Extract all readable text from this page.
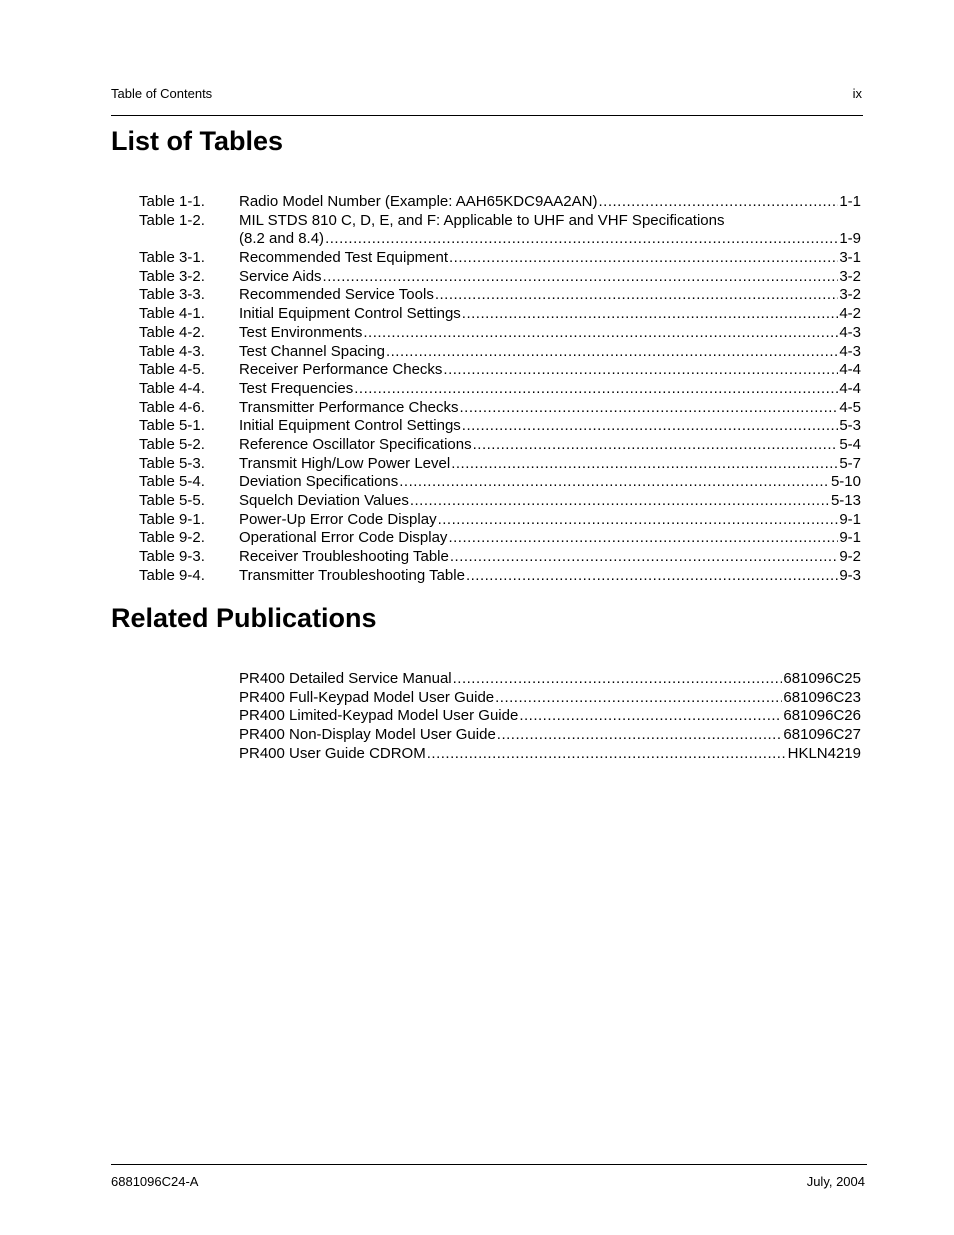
Table of Contents	ix
List of Tables
Table 1-1. Radio Model Number (Example: AAH65KDC9AA2AN) .....	1-1
Table 1-2. MIL STDS 810 C, D, E, and F: Applicable to UHF and VHF Specifications
(8.2 and 8.4) .....	1-9
Table 3-1. Recommended Test Equipment .....	3-1
Table 3-2. Service Aids .....	3-2
Table 3-3. Recommended Service Tools .....	3-2
Table 4-1. Initial Equipment Control Settings .....	4-2
Table 4-2. Test Environments .....	4-3
Table 4-3. Test Channel Spacing .....	4-3
Table 4-5. Receiver Performance Checks .....	4-4
Table 4-4. Test Frequencies .....	4-4
Table 4-6. Transmitter Performance Checks .....	4-5
Table 5-1. Initial Equipment Control Settings .....	5-3
Table 5-2. Reference Oscillator Specifications .....	5-4
Table 5-3. Transmit High/Low Power Level .....	5-7
Table 5-4. Deviation Specifications .....	5-10
Table 5-5. Squelch Deviation Values .....	5-13
Table 9-1. Power-Up Error Code Display .....	9-1
Table 9-2. Operational Error Code Display .....	9-1
Table 9-3. Receiver Troubleshooting Table .....	9-2
Table 9-4. Transmitter Troubleshooting Table .....	9-3
Related Publications
PR400 Detailed Service Manual .....	681096C25
PR400 Full-Keypad Model User Guide .....	681096C23
PR400 Limited-Keypad Model User Guide .....	681096C26
PR400 Non-Display Model User Guide .....	681096C27
PR400 User Guide CDROM .....	HKLN4219
6881096C24-A	July, 2004
